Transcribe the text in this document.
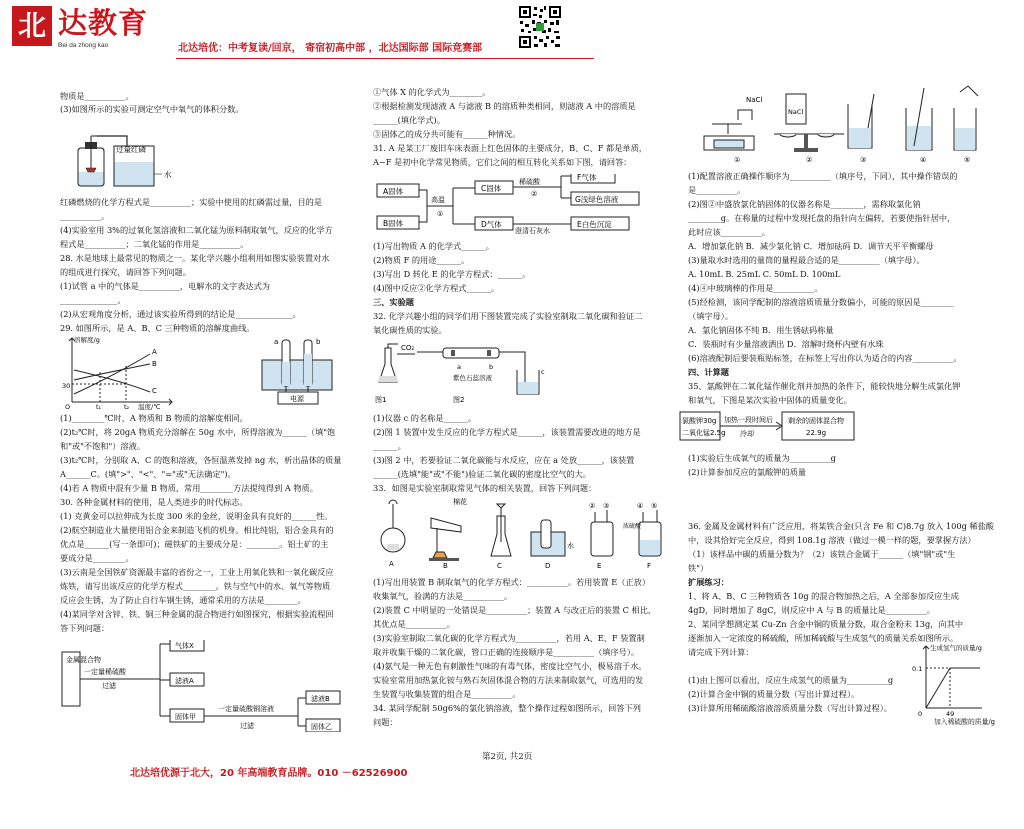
北 达教育
Bei da zhong kao	北达培优：中考复读/回京， 寄宿初高中部 ，北达国际部 国际竞赛部
物质是__________。
(3)如图所示的实验可测定空气中氧气的体积分数。
过量红磷
水
红磷燃烧的化学方程式是__________；实验中使用的红磷需过量，目的是
__________。
(4)实验室用 3%的过氧化氢溶液和二氧化锰为原料制取氧气，反应的化学方
程式是__________；二氧化锰的作用是__________。
28. 水是地球上最常见的物质之一。某化学兴趣小组利用如图实验装置对水
的组成进行探究，请回答下列问题。
(1)试管 a 中的气体是__________，电解水的文字表达式为
______________。
(2)从宏观角度分析，通过该实验所得到的结论是______________。
29. 如图所示，是 A、B、C 三种物质的溶解度曲线。
溶解度/g
30
O	t₁	t₂ 温度/℃
A
B
C
a	b
电源
(1)________℃时，A 物质和 B 物质的溶解度相同。
(2)t₂℃时，将 20gA 物质充分溶解在 50g 水中，所得溶液为______（填"饱
和"或"不饱和"）溶液。
(3)t₂℃时，分别取 A、C 的饱和溶液，各恒温蒸发掉 ng 水，析出晶体的质量
A______C。(填">"、"<"、"="或"无法确定")。
(4)若 A 物质中混有少量 B 物质，常用________方法提纯得到 A 物质。
30. 各种金属材料的使用，是人类进步的时代标志。
(1) 克黄金可以拉伸成为长度 300 米的金丝，说明金具有良好的______性。
(2)航空制造业大量使用铝合金来制造飞机的机身。相比纯铝，铝合金具有的
优点是______(写一条即可)；磁铁矿的主要成分是：________。铝土矿的主
要成分是________。
(3)云南是全国铁矿资源最丰富的省份之一，工业上用氧化铁和一氧化碳反应
炼铁，请写出该反应的化学方程式________。铁与空气中的水、氧气等物质
反应会生锈，为了防止自行车钢生锈，通常采用的方法是________。
(4)某同学对含锌、铁、铜三种金属的混合物进行如图探究，根据实验流程回
答下列问题：
金属混合物
一定量稀硫酸
过滤
气体X
滤液A
固体甲
一定量硫酸铜溶液
过滤
滤液B
固体乙
①气体 X 的化学式为________。
②根据检测发现滤液 A 与滤液 B 的溶质种类相同，则滤液 A 中的溶质是
______(填化学式)。
③固体乙的成分共可能有______种情况。
31. A 是某工厂废旧车床表面上红色固体的主要成分，B、C、F 都是单质，
A~F 是初中化学常见物质，它们之间的相互转化关系如下图，请回答：
A固体
B固体
高温
①
C固体
D气体
稀硫酸
②
F气体
G浅绿色溶液
澄清石灰水
E白色沉淀
(1)写出物质 A 的化学式______。
(2)物质 F 的用途______。
(3)写出 D 转化 E 的化学方程式：______。
(4)图中反应②化学方程式______。
三、实验题
32. 化学兴趣小组的同学们用下图装置完成了实验室制取二氧化碳和验证二
氧化碳性质的实验。
图1
CO₂
a	b
紫色石蕊溶液
c
图2
(1)仪器 c 的名称是______。
(2)图 1 装置中发生反应的化学方程式是______，该装置需要改进的地方是
______。
(3)图 2 中，若要验证二氧化碳能与水反应，应在 a 处放______，该装置
______(选填"能"或"不能")验证二氧化碳的密度比空气的大。
33．如图是实验室制取常见气体的相关装置，回答下列问题：
A
棉花
B	C
水
D
② ③
E
④ ⑤
浓硫酸
F
(1)写出用装置 B 制取氧气的化学方程式：__________。若用装置 E（正放）
收集氧气，验满的方法是__________。
(2)装置 C 中明显的一处错误是__________；装置 A 与改正后的装置 C 相比，
其优点是__________。
(3)实验室制取二氧化碳的化学方程式为__________，若用 A、E、F 装置制
取并收集干燥的二氧化碳，管口正确的连接顺序是__________（填序号）。
(4)氨气是一种无色有刺激性气味的有毒气体，密度比空气小，极易溶于水。
实验室常用加热氯化铵与熟石灰固体混合物的方法来制取氨气，可选用的发
生装置与收集装置的组合是__________。
34. 某同学配制 50g6%的氯化钠溶液，整个操作过程如图所示，回答下列
问题：
NaCl
①
NaCl
②	③	④	⑤
(1)配置溶液正确操作顺序为__________（填序号，下同），其中操作错误的
是__________。
(2)图②中盛放氯化钠固体的仪器名称是________，需称取氯化钠
________g。在称量的过程中发现托盘的指针向左偏转，若要使指针居中，
此时应该__________。
A．增加氯化钠 B．减少氯化钠 C．增加砝码 D．调节天平平衡螺母
(3)量取水时选用的量筒的量程最合适的是__________（填字母）。
A. 10mL B. 25mL C. 50mL D. 100mL
(4)④中玻璃棒的作用是__________。
(5)经检测，该同学配制的溶液溶质质量分数偏小，可能的原因是________
（填字母）。
A．氯化钠固体不纯 B．用生锈砝码称量
C．装瓶时有少量溶液洒出 D．溶解时烧杯内壁有水珠
(6)溶液配制后要装瓶贴标签，在标签上写出你认为适合的内容__________。
四、计算题
35、氯酸钾在二氧化锰作催化剂并加热的条件下，能较快地分解生成氯化钾
和氧气，下图是某次实验中固体的质量变化。
氯酸钾30g
二氧化锰2.5g
加热一段时间后
冷却
剩余的固体混合物
22.9g
(1)实验后生成氧气的质量为__________g
(2)计算参加反应的氯酸钾的质量
36. 金属及金属材料有广泛应用，将某铁合金(只含 Fe 和 C)8.7g 放入 100g 稀盐酸
中，设其恰好完全反应，得到 108.1g 溶液（做过一模一样的题，要掌握方法）
（1）该样品中碳的质量分数为？（2）该铁合金属于______（填"钢"或"生
铁"）
扩展练习：
1、将 A、B、C 三种物质各 10g 的混合物加热之后，A 全部参加反应生成
4gD，同时增加了 8gC，则反应中 A 与 B 的质量比是__________。
2、某同学想测定某 Cu-Zn 合金中铜的质量分数，取合金粉末 13g，向其中
逐渐加入一定浓度的稀硫酸，所加稀硫酸与生成氢气的质量关系如图所示。
请完成下列计算：
(1)由上图可以看出，反应生成氢气的质量为__________g
(2)计算合金中铜的质量分数（写出计算过程）。
(3)计算所用稀硫酸溶液溶质质量分数（写出计算过程）。
生成氢气的质量/g
0.1
0	49
加入稀硫酸的质量/g
第2页, 共2页
北达培优源于北大，20 年高端教育品牌。010 －62526900
